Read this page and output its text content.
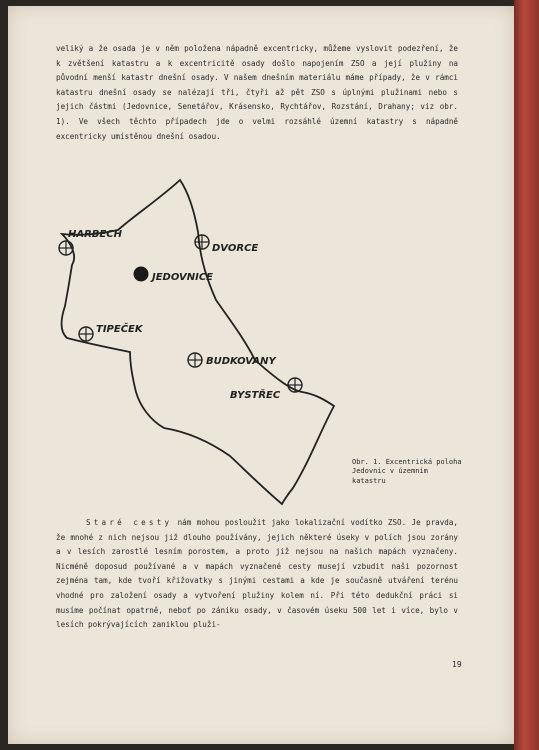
veliký a že osada je v něm položena nápadně excentricky, můžeme vyslovit podezření, že k zvětšení katastru a k excentricitě osady došlo napojením ZSO a její plužiny na původní menší katastr dnešní osady. V našem dnešním materiálu máme případy, že v rámci katastru dnešní osady se nalézají tři, čtyři až pět ZSO s úplnými plužinami nebo s jejich částmi (Jedovnice, Senetářov, Krásensko, Rychtářov, Rozstání, Drahany; viz obr. 1). Ve všech těchto případech jde o velmi rozsáhlé územní katastry s nápadně excentricky umístěnou dnešní osadou.
HARBECH
DVORCE
JEDOVNICE
TIPEČEK
BUDKOVANY
BYSTŘEC
Obr. 1. Excentrická poloha Jedovnic v územním katastru
Staré cesty nám mohou posloužit jako lokalizační vodítko ZSO. Je pravda, že mnohé z nich nejsou již dlouho používány, jejich některé úseky v polích jsou zorány a v lesích zarostlé lesním porostem, a proto již nejsou na našich mapách vyznačeny. Nicméně doposud používané a v mapách vyznačené cesty musejí vzbudit naši pozornost zejména tam, kde tvoří křižovatky s jinými cestami a kde je současně utváření terénu vhodné pro založení osady a vytvoření plužiny kolem ní. Při této dedukční práci si musíme počínat opatrně, neboť po zániku osady, v časovém úseku 500 let i více, bylo v lesích pokrývajících zaniklou pluži-
19
